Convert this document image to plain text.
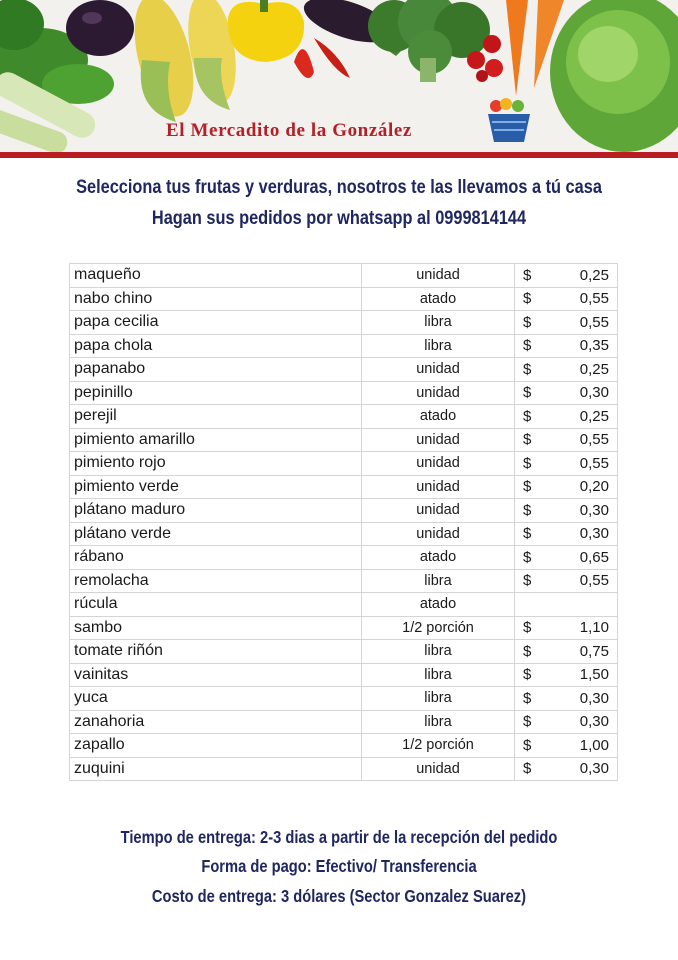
El Mercadito de la González
Selecciona tus frutas y verduras, nosotros te las llevamos a tú casa
Hagan sus pedidos por whatsapp al 0999814144
maqueño	unidad	$	0,25
nabo chino	atado	$	0,55
papa cecilia	libra	$	0,55
papa chola	libra	$	0,35
papanabo	unidad	$	0,25
pepinillo	unidad	$	0,30
perejil	atado	$	0,25
pimiento amarillo	unidad	$	0,55
pimiento rojo	unidad	$	0,55
pimiento verde	unidad	$	0,20
plátano maduro	unidad	$	0,30
plátano verde	unidad	$	0,30
rábano	atado	$	0,65
remolacha	libra	$	0,55
rúcula	atado		
sambo	1/2 porción	$	1,10
tomate riñón	libra	$	0,75
vainitas	libra	$	1,50
yuca	libra	$	0,30
zanahoria	libra	$	0,30
zapallo	1/2 porción	$	1,00
zuquini	unidad	$	0,30
Tiempo de entrega: 2-3 dias a partir de la recepción del pedido
Forma de pago: Efectivo/ Transferencia
Costo de entrega: 3 dólares (Sector Gonzalez Suarez)
